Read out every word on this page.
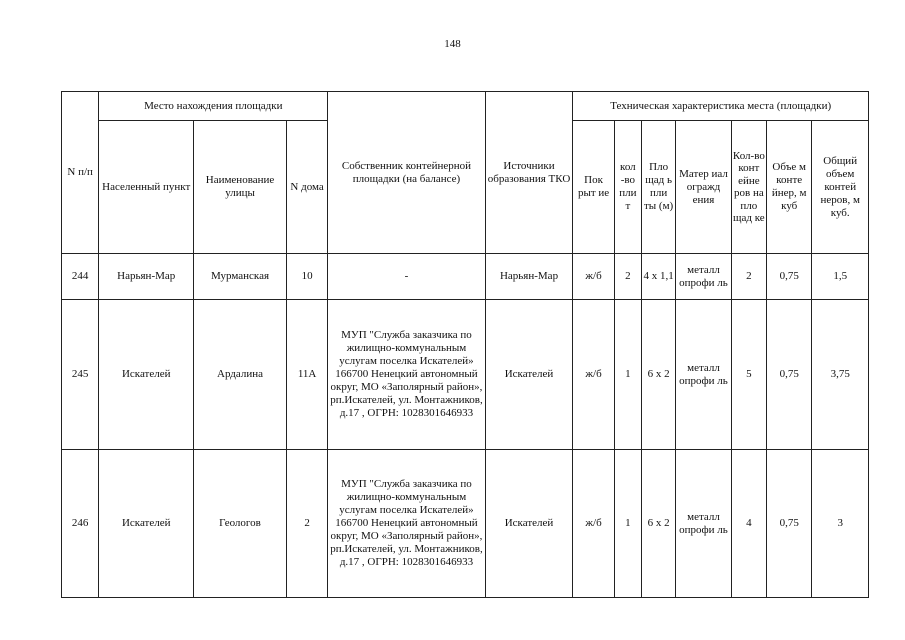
148
N п/п	Место нахождения площадки			Собственник контейнерной площадки (на балансе)	Источники образования ТКО	Техническая характеристика места (площадки)						
	Населенный пункт	Наименование улицы	N дома			Пок рыт ие	кол -во пли т	Пло щад ь пли ты (м)	Матер иал огражд ения	Кол-во конт ейне ров на пло щад ке	Объе м конте йнер, м куб	Общий объем контей неров, м куб.
244	Нарьян-Мар	Мурманская	10	-	Нарьян-Мар	ж/б	2	4 х 1,1	металл опрофи ль	2	0,75	1,5
245	Искателей	Ардалина	11А	МУП "Служба заказчика по жилищно-коммунальным услугам поселка Искателей» 166700 Ненецкий автономный округ, МО «Заполярный район», рп.Искателей, ул. Монтажников, д.17 , ОГРН: 1028301646933	Искателей	ж/б	1	6 х 2	металл опрофи ль	5	0,75	3,75
246	Искателей	Геологов	2	МУП "Служба заказчика по жилищно-коммунальным услугам поселка Искателей» 166700 Ненецкий автономный округ, МО «Заполярный район», рп.Искателей, ул. Монтажников, д.17 , ОГРН: 1028301646933	Искателей	ж/б	1	6 х 2	металл опрофи ль	4	0,75	3
